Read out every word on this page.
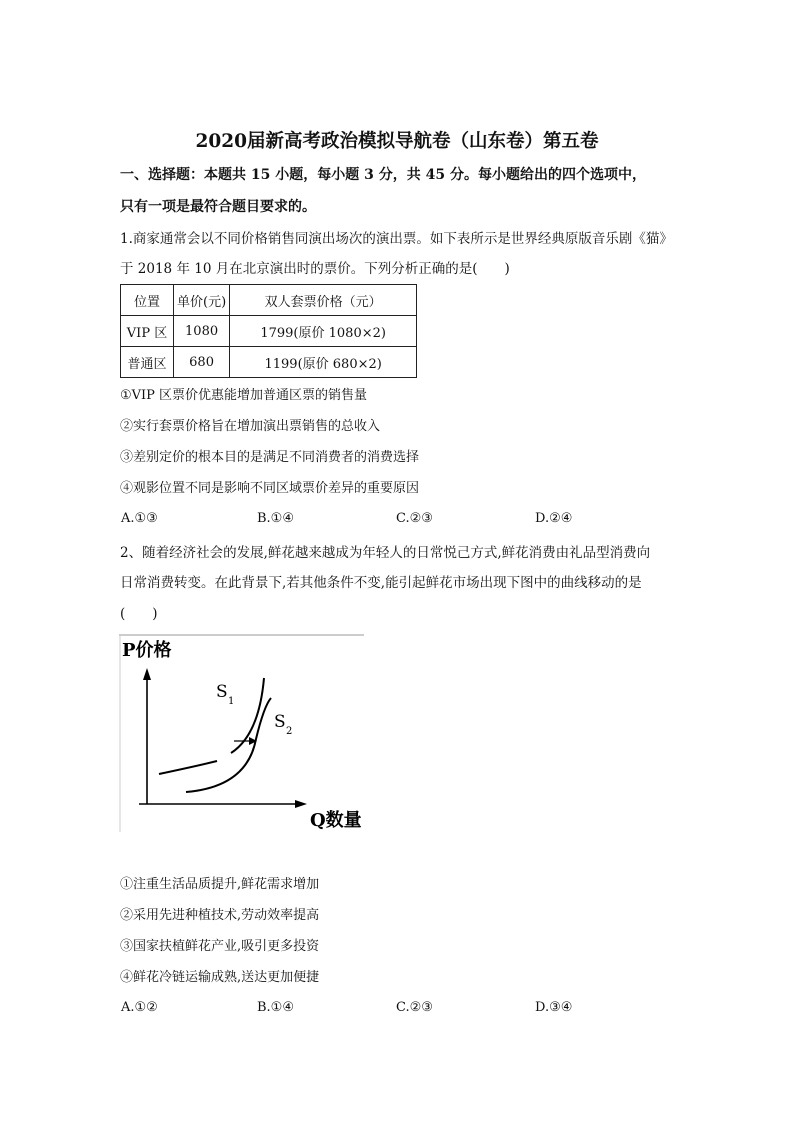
2020届新高考政治模拟导航卷（山东卷）第五卷
一、选择题：本题共 15 小题，每小题 3 分，共 45 分。每小题给出的四个选项中，
只有一项是最符合题目要求的。
1.商家通常会以不同价格销售同演出场次的演出票。如下表所示是世界经典原版音乐剧《猫》
于 2018 年 10 月在北京演出时的票价。下列分析正确的是(　　)
位置	单价(元)	双人套票价格（元）
VIP 区	1080	1799(原价 1080×2)
普通区	680	1199(原价 680×2)
①VIP 区票价优惠能增加普通区票的销售量
②实行套票价格旨在增加演出票销售的总收入
③差别定价的根本目的是满足不同消费者的消费选择
④观影位置不同是影响不同区域票价差异的重要原因
A.①③	B.①④	C.②③	D.②④
2、随着经济社会的发展,鲜花越来越成为年轻人的日常悦己方式,鲜花消费由礼品型消费向
日常消费转变。在此背景下,若其他条件不变,能引起鲜花市场出现下图中的曲线移动的是
(　　)
P价格
Q数量
S 1
S 2
①注重生活品质提升,鲜花需求增加
②采用先进种植技术,劳动效率提高
③国家扶植鲜花产业,吸引更多投资
④鲜花冷链运输成熟,送达更加便捷
A.①②	B.①④	C.②③	D.③④
